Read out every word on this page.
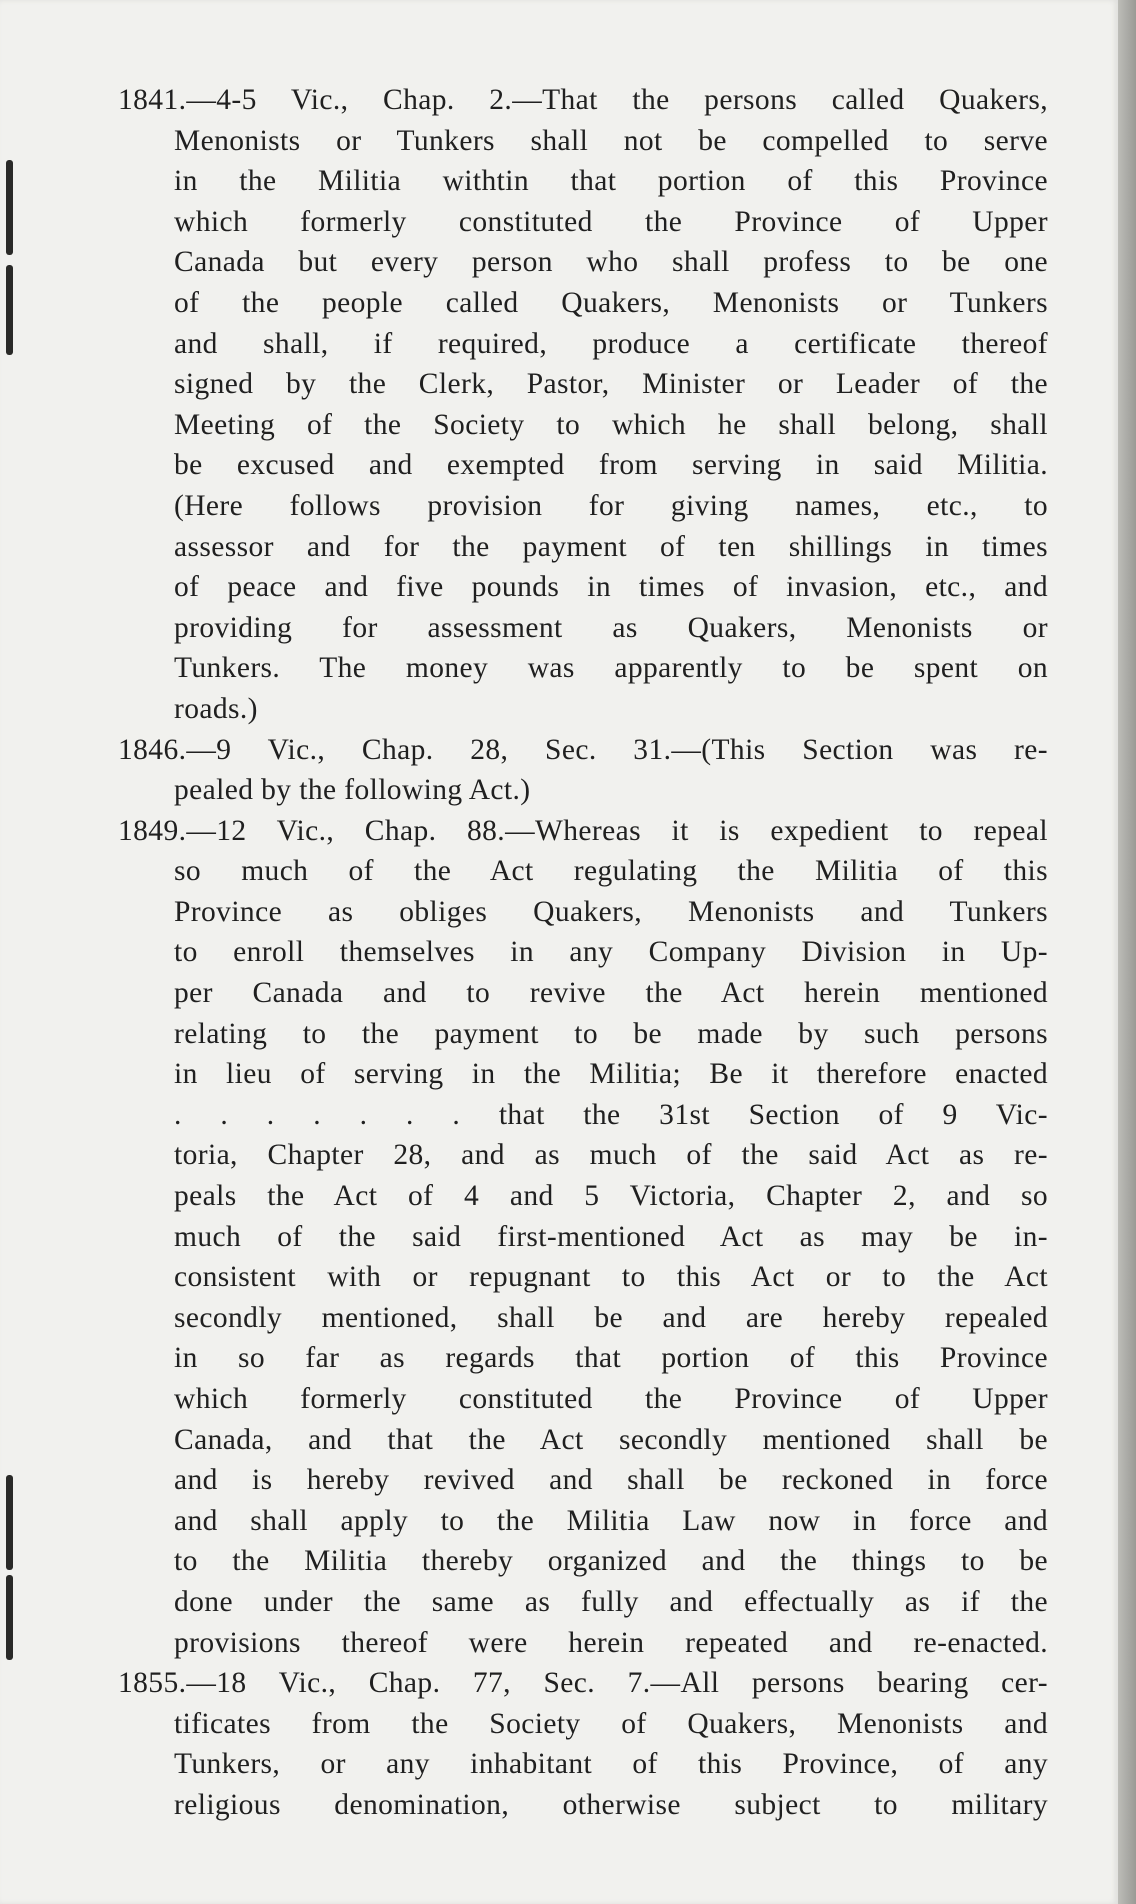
1841.—4-5 Vic., Chap. 2.—That the persons called Quakers,
Menonists or Tunkers shall not be compelled to serve
in the Militia withtin that portion of this Province
which formerly constituted the Province of Upper
Canada but every person who shall profess to be one
of the people called Quakers, Menonists or Tunkers
and shall, if required, produce a certificate thereof
signed by the Clerk, Pastor, Minister or Leader of the
Meeting of the Society to which he shall belong, shall
be excused and exempted from serving in said Militia.
(Here follows provision for giving names, etc., to
assessor and for the payment of ten shillings in times
of peace and five pounds in times of invasion, etc., and
providing for assessment as Quakers, Menonists or
Tunkers. The money was apparently to be spent on
roads.)
1846.—9 Vic., Chap. 28, Sec. 31.—(This Section was re-
pealed by the following Act.)
1849.—12 Vic., Chap. 88.—Whereas it is expedient to repeal
so much of the Act regulating the Militia of this
Province as obliges Quakers, Menonists and Tunkers
to enroll themselves in any Company Division in Up-
per Canada and to revive the Act herein mentioned
relating to the payment to be made by such persons
in lieu of serving in the Militia; Be it therefore enacted
. . . . . . . that the 31st Section of 9 Vic-
toria, Chapter 28, and as much of the said Act as re-
peals the Act of 4 and 5 Victoria, Chapter 2, and so
much of the said first-mentioned Act as may be in-
consistent with or repugnant to this Act or to the Act
secondly mentioned, shall be and are hereby repealed
in so far as regards that portion of this Province
which formerly constituted the Province of Upper
Canada, and that the Act secondly mentioned shall be
and is hereby revived and shall be reckoned in force
and shall apply to the Militia Law now in force and
to the Militia thereby organized and the things to be
done under the same as fully and effectually as if the
provisions thereof were herein repeated and re-enacted.
1855.—18 Vic., Chap. 77, Sec. 7.—All persons bearing cer-
tificates from the Society of Quakers, Menonists and
Tunkers, or any inhabitant of this Province, of any
religious denomination, otherwise subject to military
